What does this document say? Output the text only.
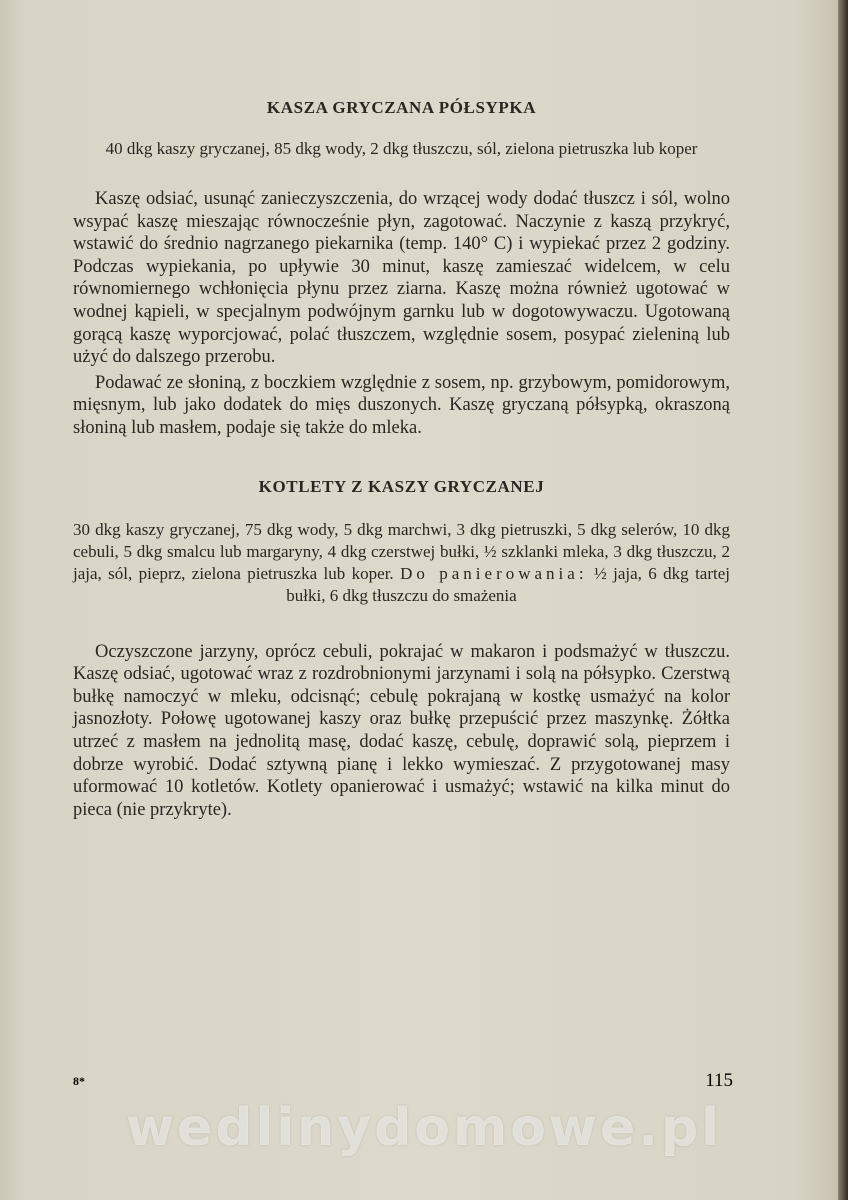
KASZA GRYCZANA PÓŁSYPKA

40 dkg kaszy gryczanej, 85 dkg wody, 2 dkg tłuszczu, sól, zielona pietruszka lub koper

Kaszę odsiać, usunąć zanieczyszczenia, do wrzącej wody dodać tłuszcz i sól, wolno wsypać kaszę mieszając równocześnie płyn, zagotować. Naczynie z kaszą przykryć, wstawić do średnio nagrzanego piekarnika (temp. 140° C) i wypiekać przez 2 godziny. Podczas wypiekania, po upływie 30 minut, kaszę zamieszać widelcem, w celu równomiernego wchłonięcia płynu przez ziarna. Kaszę można również ugotować w wodnej kąpieli, w specjalnym podwójnym garnku lub w dogotowywaczu. Ugotowaną gorącą kaszę wyporcjować, polać tłuszczem, względnie sosem, posypać zieleniną lub użyć do dalszego przerobu.

Podawać ze słoniną, z boczkiem względnie z sosem, np. grzybowym, pomidorowym, mięsnym, lub jako dodatek do mięs duszonych. Kaszę gryczaną półsypką, okraszoną słoniną lub masłem, podaje się także do mleka.

KOTLETY Z KASZY GRYCZANEJ

30 dkg kaszy gryczanej, 75 dkg wody, 5 dkg marchwi, 3 dkg pietruszki, 5 dkg selerów, 10 dkg cebuli, 5 dkg smalcu lub margaryny, 4 dkg czerstwej bułki, ½ szklanki mleka, 3 dkg tłuszczu, 2 jaja, sól, pieprz, zielona pietruszka lub koper. Do panierowania: ½ jaja, 6 dkg tartej bułki, 6 dkg tłuszczu do smażenia

Oczyszczone jarzyny, oprócz cebuli, pokrajać w makaron i podsmażyć w tłuszczu. Kaszę odsiać, ugotować wraz z rozdrobnionymi jarzynami i solą na półsypko. Czerstwą bułkę namoczyć w mleku, odcisnąć; cebulę pokrajaną w kostkę usmażyć na kolor jasnozłoty. Połowę ugotowanej kaszy oraz bułkę przepuścić przez maszynkę. Żółtka utrzeć z masłem na jednolitą masę, dodać kaszę, cebulę, doprawić solą, pieprzem i dobrze wyrobić. Dodać sztywną pianę i lekko wymieszać. Z przygotowanej masy uformować 10 kotletów. Kotlety opanierować i usmażyć; wstawić na kilka minut do pieca (nie przykryte).

8*	115
wedlinydomowe.pl
